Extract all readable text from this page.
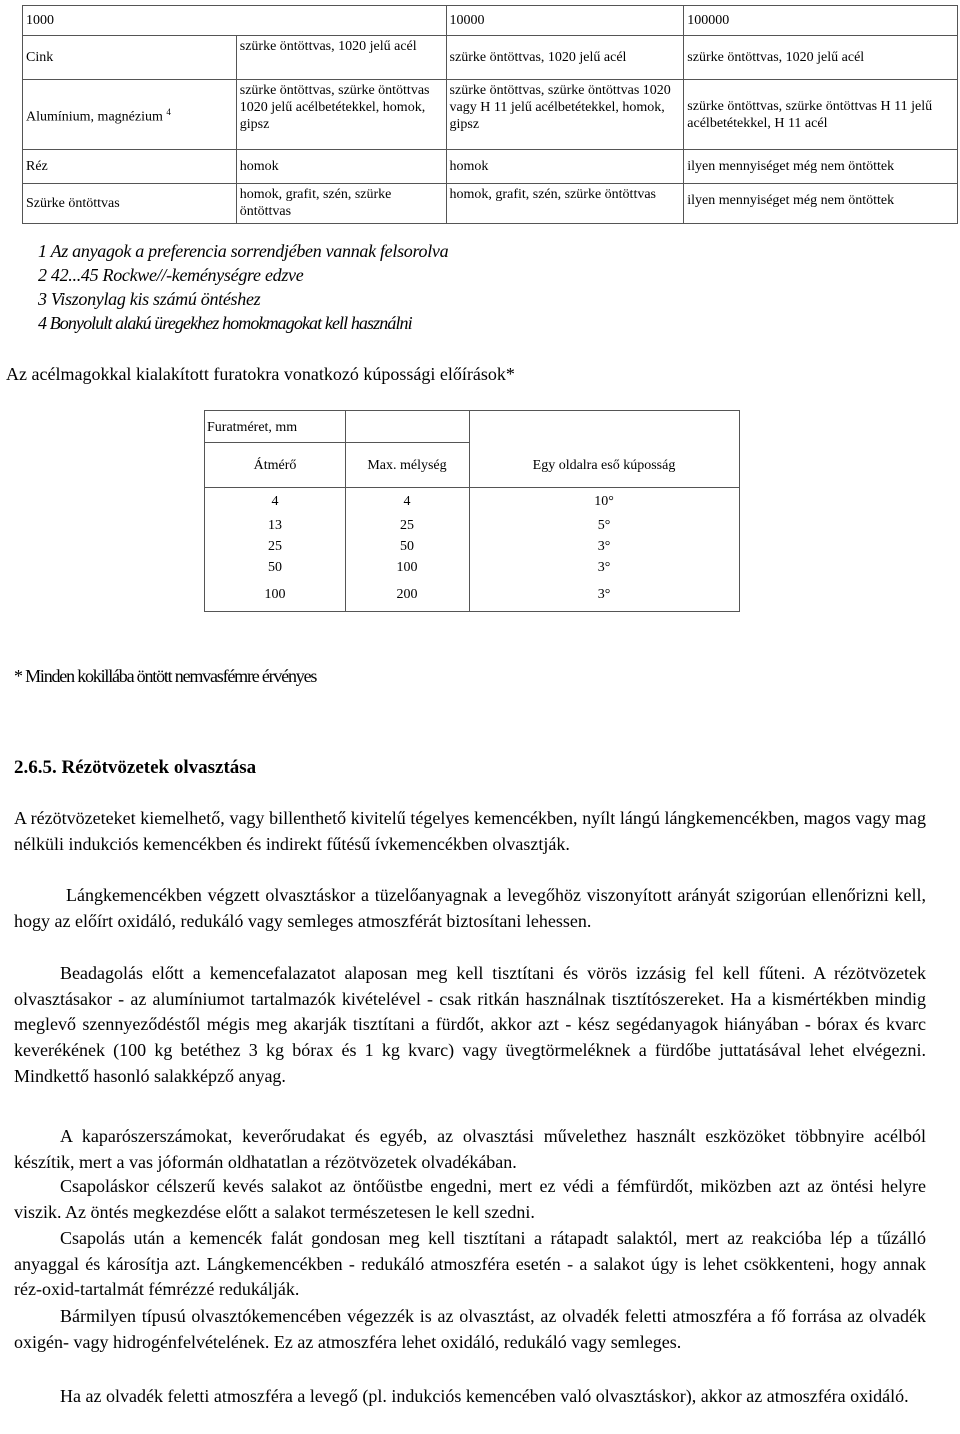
1000		10000	100000
Cink	szürke öntöttvas, 1020 jelű acél	szürke öntöttvas, 1020 jelű acél	szürke öntöttvas, 1020 jelű acél
Alumínium, magnézium $^4$	szürke öntöttvas, szürke öntöttvas 1020 jelű acélbetétekkel, homok, gipsz	szürke öntöttvas, szürke öntöttvas 1020 vagy H 11 jelű acélbetétekkel, homok, gipsz	szürke öntöttvas, szürke öntöttvas H 11 jelű acélbetétekkel, H 11 acél
Réz	homok	homok	ilyen mennyiséget még nem öntöttek
Szürke öntöttvas	homok, grafit, szén, szürke öntöttvas	homok, grafit, szén, szürke öntöttvas	ilyen mennyiséget még nem öntöttek
1 Az anyagok a preferencia sorrendjében vannak felsorolva
2 42...45 Rockwe//-keménységre edzve
3 Viszonylag kis számú öntéshez
4 Bonyolult alakú üregekhez homokmagokat kell használni
Az acélmagokkal kialakított furatokra vonatkozó kúpossági előírások*
Furatméret, mm
Átmérő	Max. mélység	Egy oldalra eső kúposság
4	4	10°
13	25	5°
25	50	3°
50	100	3°
100	200	3°
* Minden kokillába öntött nemvasfémre érvényes
2.6.5. Rézötvözetek olvasztása
A rézötvözeteket kiemelhető, vagy billenthető kivitelű tégelyes kemencékben, nyílt lángú lángkemencékben, magos vagy mag nélküli indukciós kemencékben és indirekt fűtésű ívkemencékben olvasztják.
Lángkemencékben végzett olvasztáskor a tüzelőanyagnak a levegőhöz viszonyított arányát szigorúan ellenőrizni kell, hogy az előírt oxidáló, redukáló vagy semleges atmoszférát biztosítani lehessen.
Beadagolás előtt a kemencefalazatot alaposan meg kell tisztítani és vörös izzásig fel kell fűteni. A rézötvözetek olvasztásakor - az alumíniumot tartalmazók kivételével - csak ritkán használnak tisztítószereket. Ha a kismértékben mindig meglevő szennyeződéstől mégis meg akarják tisztítani a fürdőt, akkor azt - kész segédanyagok hiányában - bórax és kvarc keverékének (100 kg betéthez 3 kg bórax és 1 kg kvarc) vagy üvegtörmeléknek a fürdőbe juttatásával lehet elvégezni. Mindkettő hasonló salakképző anyag.
A kaparószerszámokat, keverőrudakat és egyéb, az olvasztási művelethez használt eszközöket többnyire acélból készítik, mert a vas jóformán oldhatatlan a rézötvözetek olvadékában.
Csapoláskor célszerű kevés salakot az öntőüstbe engedni, mert ez védi a fémfürdőt, miközben azt az öntési helyre viszik. Az öntés megkezdése előtt a salakot természetesen le kell szedni.
Csapolás után a kemencék falát gondosan meg kell tisztítani a rátapadt salaktól, mert az reakcióba lép a tűzálló anyaggal és károsítja azt. Lángkemencékben - redukáló atmoszféra esetén - a salakot úgy is lehet csökkenteni, hogy annak réz-oxid-tartalmát fémrézzé redukálják.
Bármilyen típusú olvasztókemencében végezzék is az olvasztást, az olvadék feletti atmoszféra a fő forrása az olvadék oxigén- vagy hidrogénfelvételének. Ez az atmoszféra lehet oxidáló, redukáló vagy semleges.
Ha az olvadék feletti atmoszféra a levegő (pl. indukciós kemencében való olvasztáskor), akkor az atmoszféra oxidáló.
